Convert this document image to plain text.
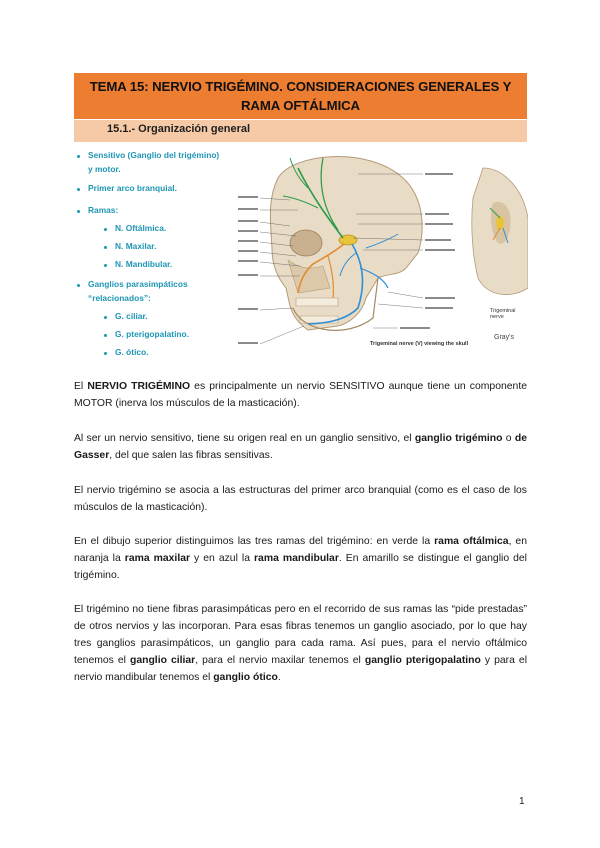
TEMA 15: NERVIO TRIGÉMINO. CONSIDERACIONES GENERALES Y
RAMA OFTÁLMICA
15.1.- Organización general
Sensitivo (Ganglio del trigémino)
y motor.
Primer arco branquial.
Ramas:
N. Oftálmica.
N. Maxilar.
N. Mandibular.
Ganglios parasimpáticos
“relacionados”:
G. ciliar.
G. pterigopalatino.
G. ótico.
Trigeminal nerve
Trigeminal nerve (V) viewing the skull
Gray's
El NERVIO TRIGÉMINO es principalmente un nervio SENSITIVO aunque tiene un componente MOTOR (inerva los músculos de la masticación).
Al ser un nervio sensitivo, tiene su origen real en un ganglio sensitivo, el ganglio trigémino o de Gasser, del que salen las fibras sensitivas.
El nervio trigémino se asocia a las estructuras del primer arco branquial (como es el caso de los músculos de la masticación).
En el dibujo superior distinguimos las tres ramas del trigémino: en verde la rama oftálmica, en naranja la rama maxilar y en azul la rama mandibular. En amarillo se distingue el ganglio del trigémino.
El trigémino no tiene fibras parasimpáticas pero en el recorrido de sus ramas las “pide prestadas” de otros nervios y las incorporan. Para esas fibras tenemos un ganglio asociado, por lo que hay tres ganglios parasimpáticos, un ganglio para cada rama. Así pues, para el nervio oftálmico tenemos el ganglio ciliar, para el nervio maxilar tenemos el ganglio pterigopalatino y para el nervio mandibular tenemos el ganglio ótico.
1
